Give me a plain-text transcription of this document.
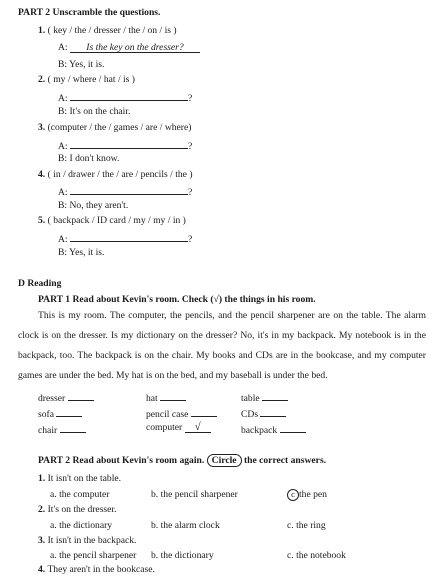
PART 2 Unscramble the questions.
1. ( key / the / dresser / the / on / is )
A: Is the key on the dresser?
B: Yes, it is.
2. ( my / where / hat / is )
A:	?
B: It's on the chair.
3. (computer / the / games / are / where)
A:	?
B: I don't know.
4. ( in / drawer / the / are / pencils / the )
A:	?
B: No, they aren't.
5. ( backpack / ID card / my / my / in )
A:	?
B: Yes, it is.
D Reading
PART 1 Read about Kevin's room. Check (√) the things in his room.
This is my room. The computer, the pencils, and the pencil sharpener are on the table. The alarm clock is on the dresser. Is my dictionary on the dresser? No, it's in my backpack. My notebook is in the backpack, too. The backpack is on the chair. My books and CDs are in the bookcase, and my computer games are under the bed. My hat is on the bed, and my baseball is under the bed.
dresser	hat	table
sofa	pencil case	CDs
chair	computer √	backpack
PART 2 Read about Kevin's room again. Circle the correct answers.
1. It isn't on the table.
a. the computer	b. the pencil sharpener	c the pen
2. It's on the dresser.
a. the dictionary	b. the alarm clock	c. the ring
3. It isn't in the backpack.
a. the pencil sharpener b. the dictionary	c. the notebook
4. They aren't in the bookcase.
